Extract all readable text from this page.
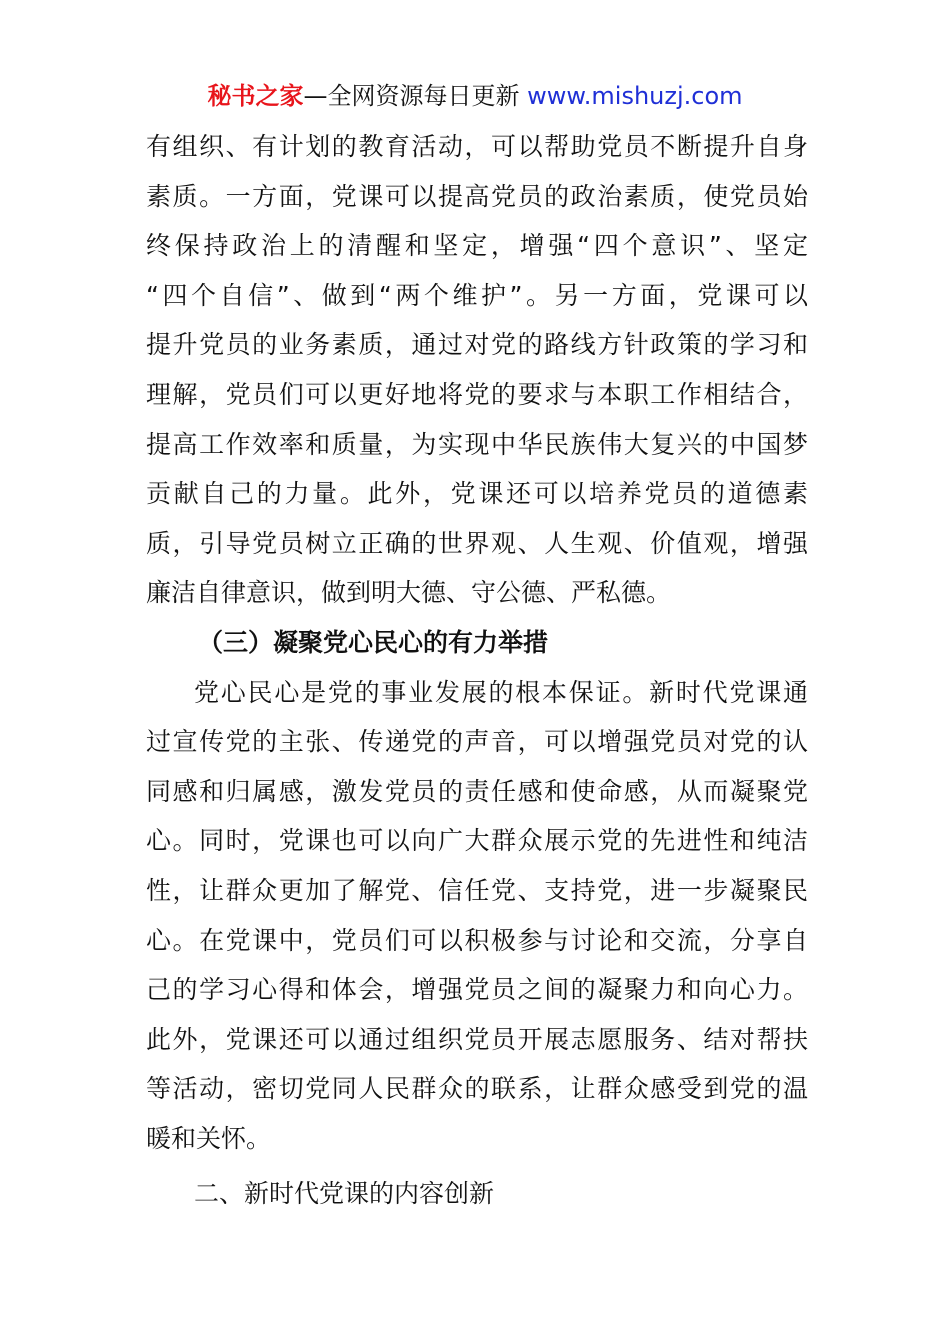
秘书之家—全网资源每日更新 www.mishuzj.com
有组织、有计划的教育活动，可以帮助党员不断提升自身
素质。一方面，党课可以提高党员的政治素质，使党员始
终保持政治上的清醒和坚定，增强“四个意识”、坚定
“四个自信”、做到“两个维护”。另一方面，党课可以
提升党员的业务素质，通过对党的路线方针政策的学习和
理解，党员们可以更好地将党的要求与本职工作相结合，
提高工作效率和质量，为实现中华民族伟大复兴的中国梦
贡献自己的力量。此外，党课还可以培养党员的道德素
质，引导党员树立正确的世界观、人生观、价值观，增强
廉洁自律意识，做到明大德、守公德、严私德。
（三）凝聚党心民心的有力举措
党心民心是党的事业发展的根本保证。新时代党课通
过宣传党的主张、传递党的声音，可以增强党员对党的认
同感和归属感，激发党员的责任感和使命感，从而凝聚党
心。同时，党课也可以向广大群众展示党的先进性和纯洁
性，让群众更加了解党、信任党、支持党，进一步凝聚民
心。在党课中，党员们可以积极参与讨论和交流，分享自
己的学习心得和体会，增强党员之间的凝聚力和向心力。
此外，党课还可以通过组织党员开展志愿服务、结对帮扶
等活动，密切党同人民群众的联系，让群众感受到党的温
暖和关怀。
二、新时代党课的内容创新
